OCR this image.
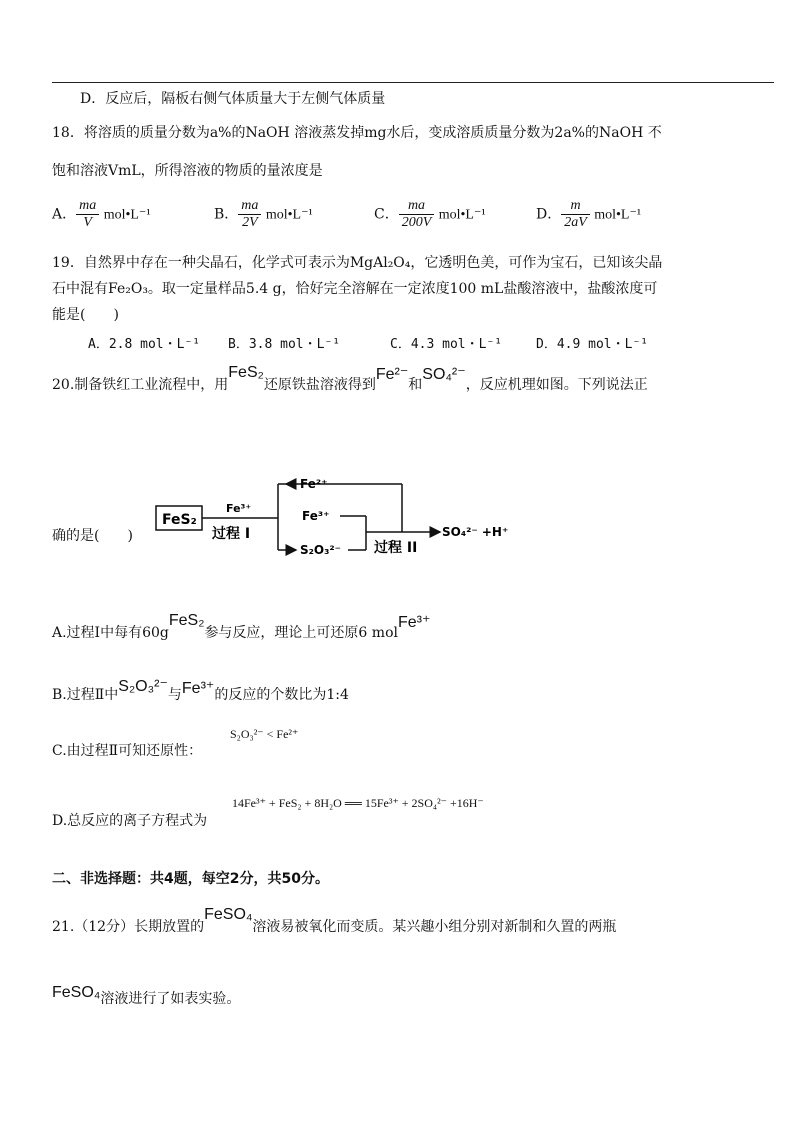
D．反应后，隔板右侧气体质量大于左侧气体质量
18．将溶质的质量分数为a%的NaOH 溶液蒸发掉mg水后，变成溶质质量分数为2a%的NaOH 不
饱和溶液VmL，所得溶液的物质的量浓度是
A． $\frac{ma}{V}$ mol•L⁻¹	B． $\frac{ma}{2V}$ mol•L⁻¹	C． $\frac{ma}{200V}$ mol•L⁻¹	D． $\frac{m}{2aV}$ mol•L⁻¹
19．自然界中存在一种尖晶石，化学式可表示为MgAl₂O₄，它透明色美，可作为宝石，已知该尖晶
石中混有Fe₂O₃。取一定量样品5.4 g，恰好完全溶解在一定浓度100 mL盐酸溶液中，盐酸浓度可
能是(　　)
A．2.8 mol・L⁻¹ B．3.8 mol・L⁻¹	C．4.3 mol・L⁻¹	D．4.9 mol・L⁻¹
20.制备铁红工业流程中，用FeS₂还原铁盐溶液得到Fe²⁻和SO₄²⁻，反应机理如图。下列说法正
确的是(　　)
FeS₂
Fe³⁺
过程 I
Fe²⁺
S₂O₃²⁻
Fe³⁺
过程 II
SO₄²⁻ +H⁺
A.过程Ⅰ中每有60gFeS₂参与反应，理论上可还原6 molFe³⁺
B.过程Ⅱ中S₂O₃²⁻与Fe³⁺的反应的个数比为1:4
C.由过程Ⅱ可知还原性：
S₂O₃²⁻ < Fe²⁺
D.总反应的离子方程式为
14Fe³⁺ + FeS₂ + 8H₂O ══ 15Fe³⁺ + 2SO₄²⁻ +16H⁻
二、非选择题：共4题，每空2分，共50分。
21.（12分）长期放置的FeSO₄溶液易被氧化而变质。某兴趣小组分别对新制和久置的两瓶
FeSO₄溶液进行了如表实验。
